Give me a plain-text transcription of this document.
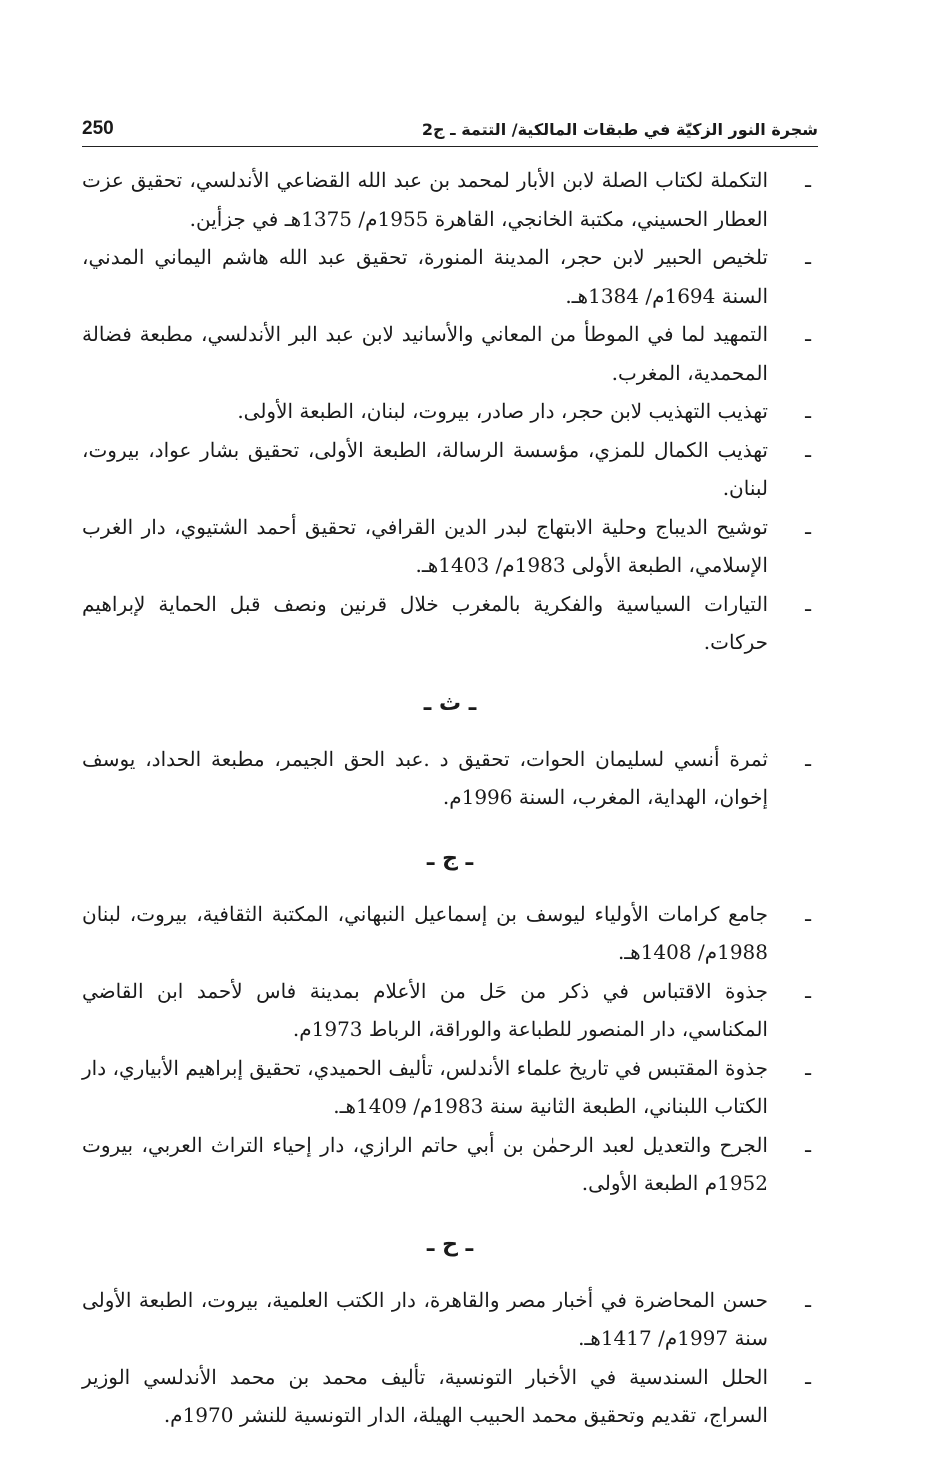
شجرة النور الزكيّة في طبقات المالكية/ التتمة ـ ج2
250

ـ
التكملة لكتاب الصلة لابن الأبار لمحمد بن عبد الله القضاعي الأندلسي، تحقيق عزت العطار الحسيني، مكتبة الخانجي، القاهرة 1955م/ 1375هـ في جزأين.

ـ
تلخيص الحبير لابن حجر، المدينة المنورة، تحقيق عبد الله هاشم اليماني المدني، السنة 1694م/ 1384هـ.

ـ
التمهيد لما في الموطأ من المعاني والأسانيد لابن عبد البر الأندلسي، مطبعة فضالة المحمدية، المغرب.

ـ
تهذيب التهذيب لابن حجر، دار صادر، بيروت، لبنان، الطبعة الأولى.

ـ
تهذيب الكمال للمزي، مؤسسة الرسالة، الطبعة الأولى، تحقيق بشار عواد، بيروت، لبنان.

ـ
توشيح الديباج وحلية الابتهاج لبدر الدين القرافي، تحقيق أحمد الشتيوي، دار الغرب الإسلامي، الطبعة الأولى 1983م/ 1403هـ.

ـ
التيارات السياسية والفكرية بالمغرب خلال قرنين ونصف قبل الحماية لإبراهيم حركات.

ـ ث ـ

ـ
ثمرة أنسي لسليمان الحوات، تحقيق د .عبد الحق الجيمر، مطبعة الحداد، يوسف إخوان، الهداية، المغرب، السنة 1996م.

ـ ج ـ

ـ
جامع كرامات الأولياء ليوسف بن إسماعيل النبهاني، المكتبة الثقافية، بيروت، لبنان 1988م/ 1408هـ.

ـ
جذوة الاقتباس في ذكر من حَل من الأعلام بمدينة فاس لأحمد ابن القاضي المكناسي، دار المنصور للطباعة والوراقة، الرباط 1973م.

ـ
جذوة المقتبس في تاريخ علماء الأندلس، تأليف الحميدي، تحقيق إبراهيم الأبياري، دار الكتاب اللبناني، الطبعة الثانية سنة 1983م/ 1409هـ.

ـ
الجرح والتعديل لعبد الرحمٰن بن أبي حاتم الرازي، دار إحياء التراث العربي، بيروت 1952م الطبعة الأولى.

ـ ح ـ

ـ
حسن المحاضرة في أخبار مصر والقاهرة، دار الكتب العلمية، بيروت، الطبعة الأولى سنة 1997م/ 1417هـ.

ـ
الحلل السندسية في الأخبار التونسية، تأليف محمد بن محمد الأندلسي الوزير السراج، تقديم وتحقيق محمد الحبيب الهيلة، الدار التونسية للنشر 1970م.
